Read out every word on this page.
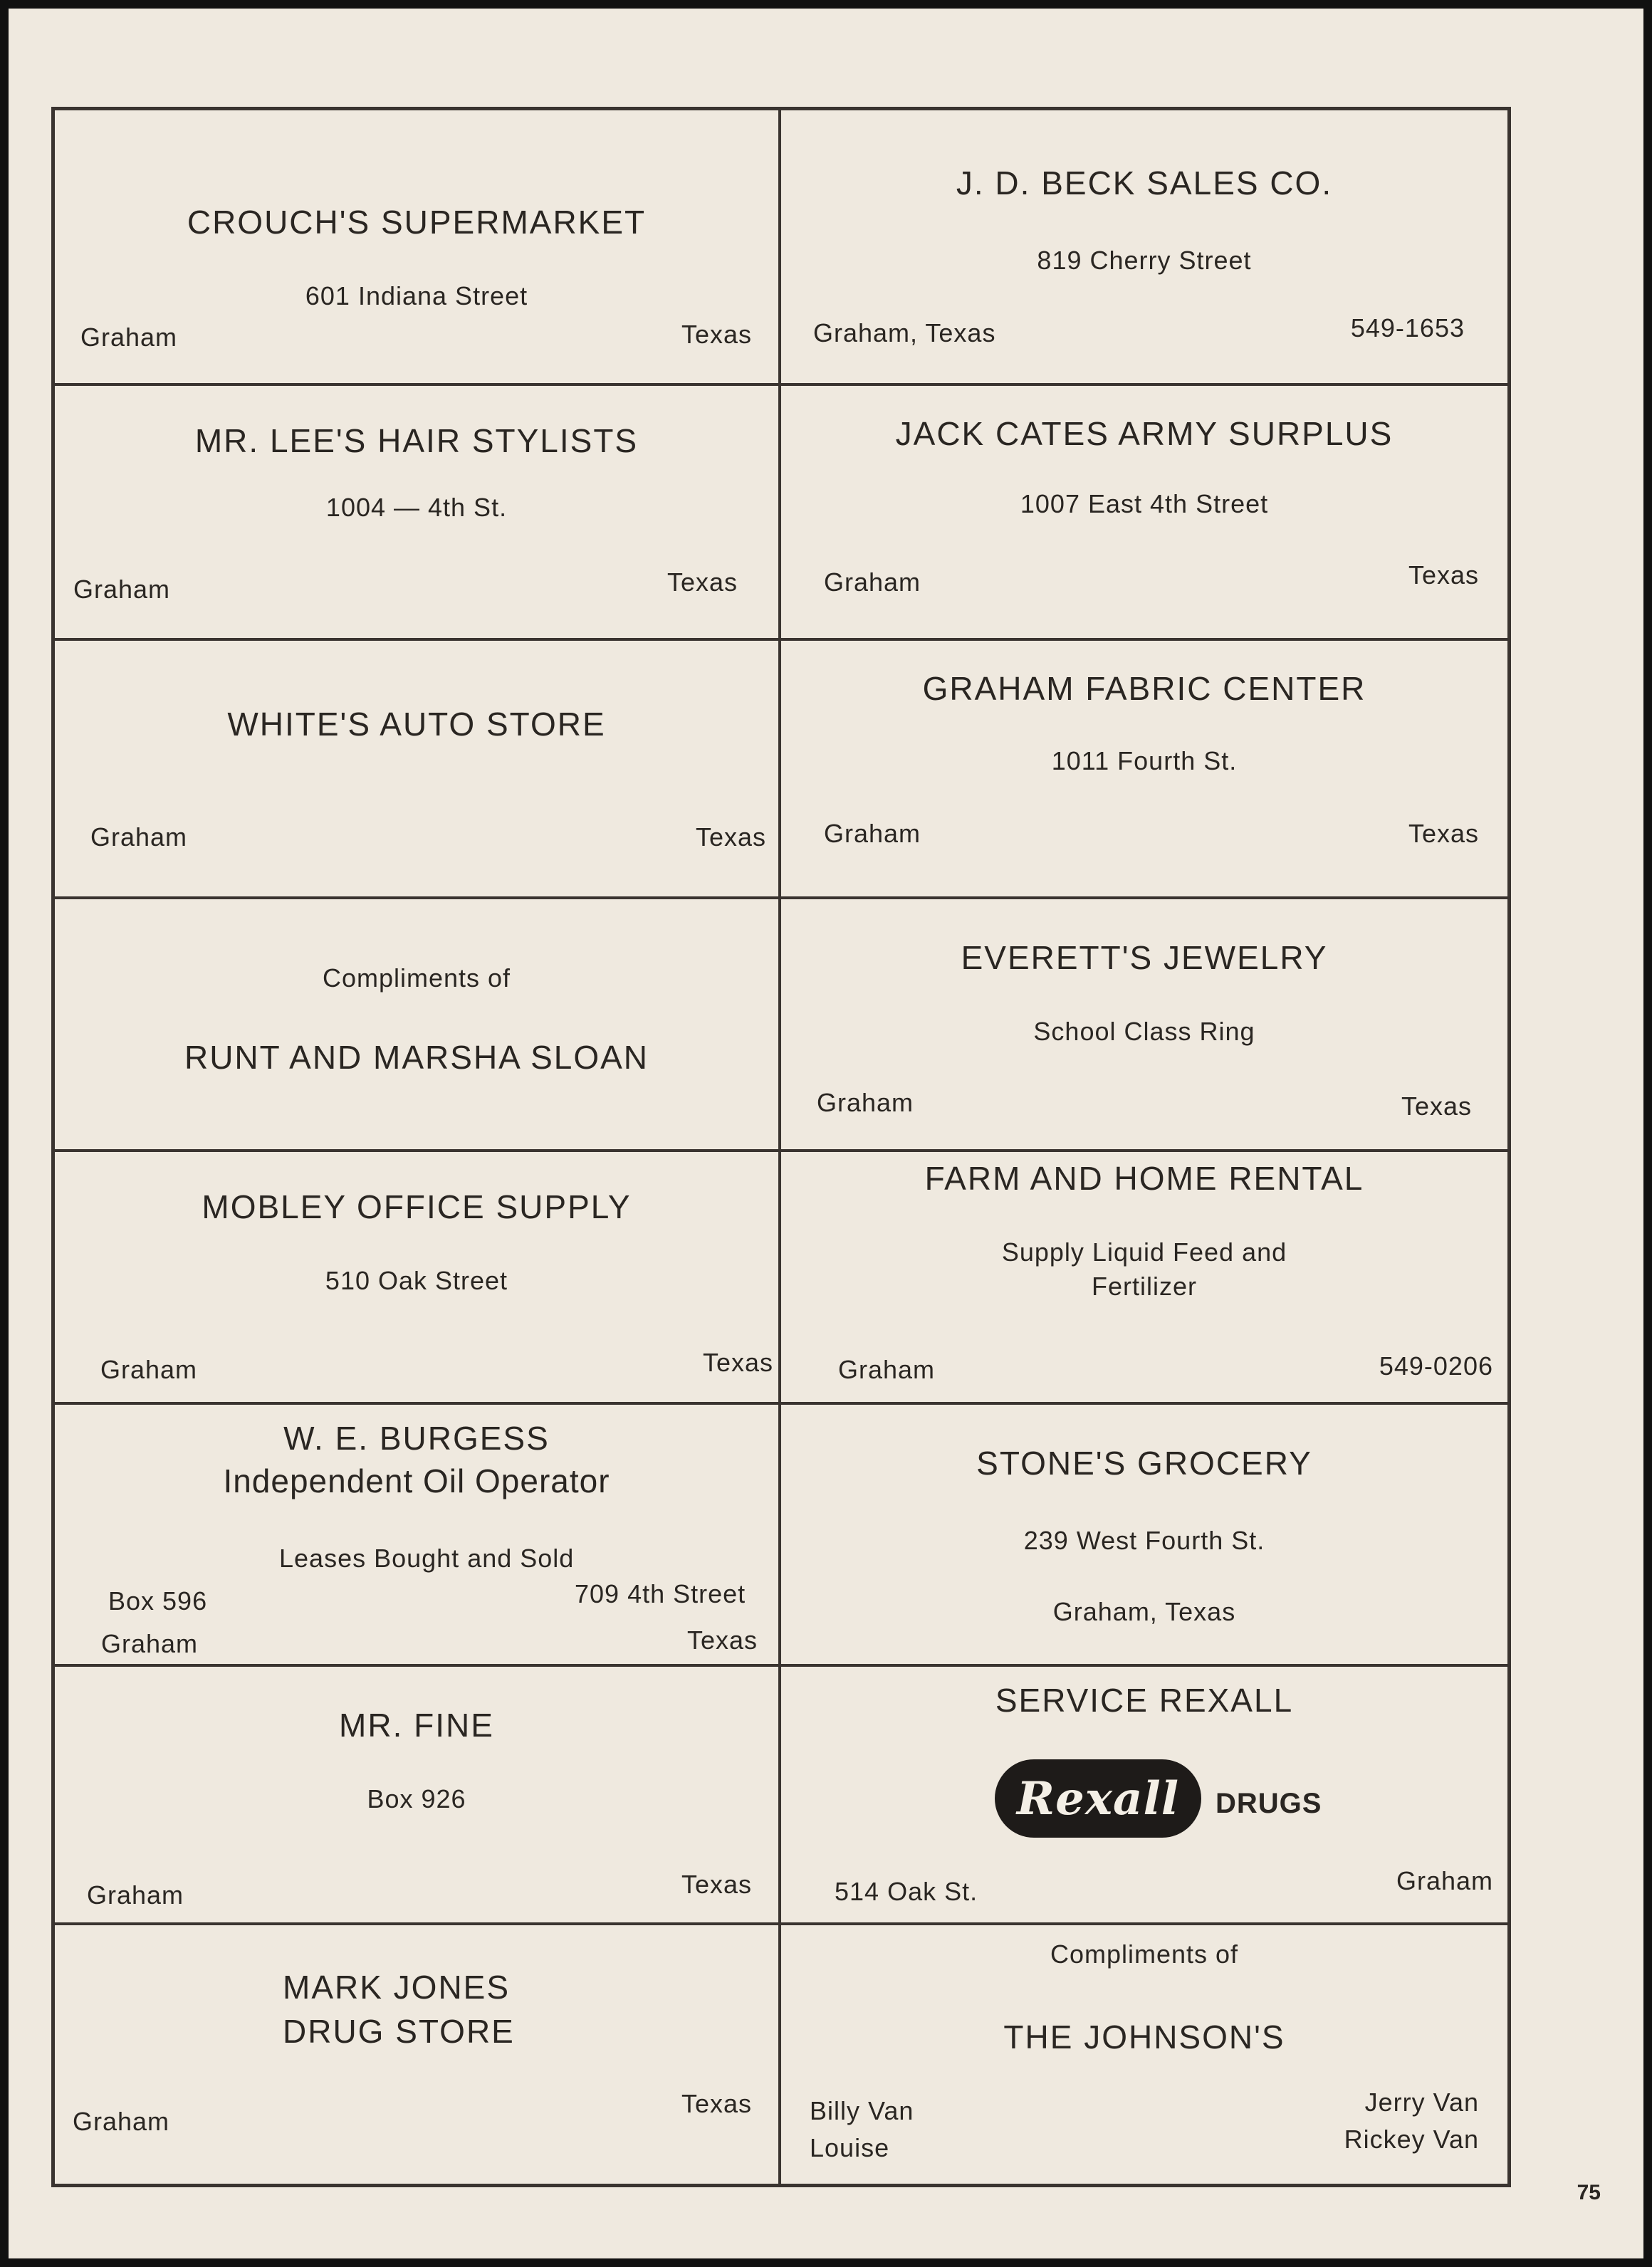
CROUCH'S SUPERMARKET
601 Indiana Street
Graham	Texas
J. D. BECK SALES CO.
819 Cherry Street
Graham, Texas	549-1653
MR. LEE'S HAIR STYLISTS
1004 — 4th St.
Graham	Texas
JACK CATES ARMY SURPLUS
1007 East 4th Street
Graham	Texas
WHITE'S AUTO STORE
Graham	Texas
GRAHAM FABRIC CENTER
1011 Fourth St.
Graham	Texas
Compliments of
RUNT AND MARSHA SLOAN
EVERETT'S JEWELRY
School Class Ring
Graham	Texas
MOBLEY OFFICE SUPPLY
510 Oak Street
Graham	Texas
FARM AND HOME RENTAL
Supply Liquid Feed and
Fertilizer
Graham	549-0206
W. E. BURGESS
Independent Oil Operator
Leases Bought and Sold
Box 596	709 4th Street
Graham	Texas
STONE'S GROCERY
239 West Fourth St.
Graham, Texas
MR. FINE
Box 926
Graham	Texas
SERVICE REXALL
Rexall DRUGS
514 Oak St.	Graham
MARK JONES
DRUG STORE
Graham
Texas
Compliments of
THE JOHNSON'S
Billy Van
Louise
Jerry Van
Rickey Van
75
